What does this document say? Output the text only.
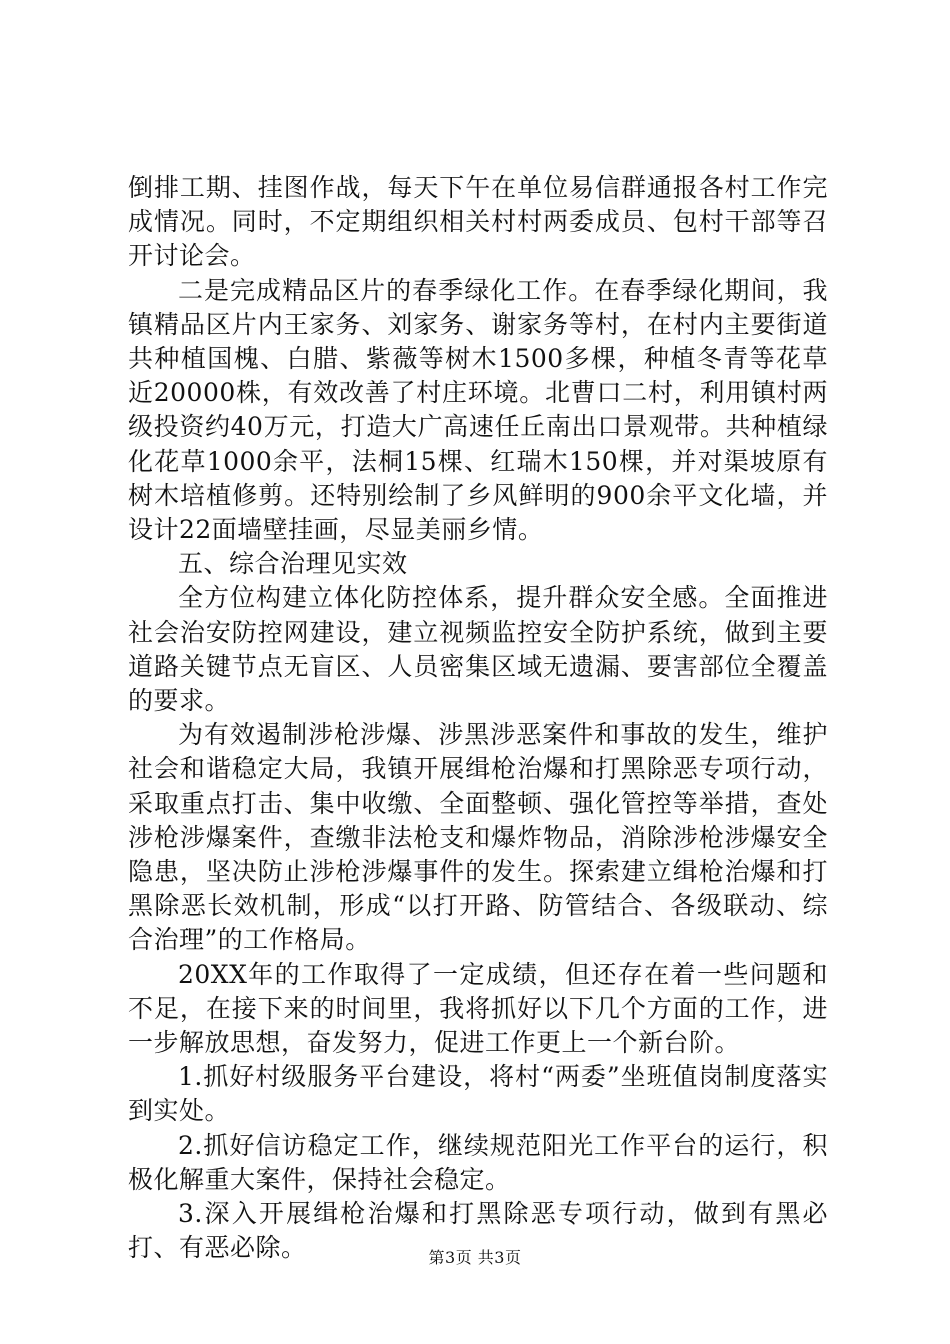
倒排工期、挂图作战，每天下午在单位易信群通报各村工作完成情况。同时，不定期组织相关村村两委成员、包村干部等召开讨论会。

二是完成精品区片的春季绿化工作。在春季绿化期间，我镇精品区片内王家务、刘家务、谢家务等村，在村内主要街道共种植国槐、白腊、紫薇等树木1500多棵，种植冬青等花草近20000株，有效改善了村庄环境。北曹口二村，利用镇村两级投资约40万元，打造大广高速任丘南出口景观带。共种植绿化花草1000余平，法桐15棵、红瑞木150棵，并对渠坡原有树木培植修剪。还特别绘制了乡风鲜明的900余平文化墙，并设计22面墙壁挂画，尽显美丽乡情。

五、综合治理见实效

全方位构建立体化防控体系，提升群众安全感。全面推进社会治安防控网建设，建立视频监控安全防护系统，做到主要道路关键节点无盲区、人员密集区域无遗漏、要害部位全覆盖的要求。

为有效遏制涉枪涉爆、涉黑涉恶案件和事故的发生，维护社会和谐稳定大局，我镇开展缉枪治爆和打黑除恶专项行动，采取重点打击、集中收缴、全面整顿、强化管控等举措，查处涉枪涉爆案件，查缴非法枪支和爆炸物品，消除涉枪涉爆安全隐患，坚决防止涉枪涉爆事件的发生。探索建立缉枪治爆和打黑除恶长效机制，形成“以打开路、防管结合、各级联动、综合治理”的工作格局。

20XX年的工作取得了一定成绩，但还存在着一些问题和不足，在接下来的时间里，我将抓好以下几个方面的工作，进一步解放思想，奋发努力，促进工作更上一个新台阶。

1.抓好村级服务平台建设，将村“两委”坐班值岗制度落实到实处。

2.抓好信访稳定工作，继续规范阳光工作平台的运行，积极化解重大案件，保持社会稳定。

3.深入开展缉枪治爆和打黑除恶专项行动，做到有黑必打、有恶必除。	第3页 共3页
